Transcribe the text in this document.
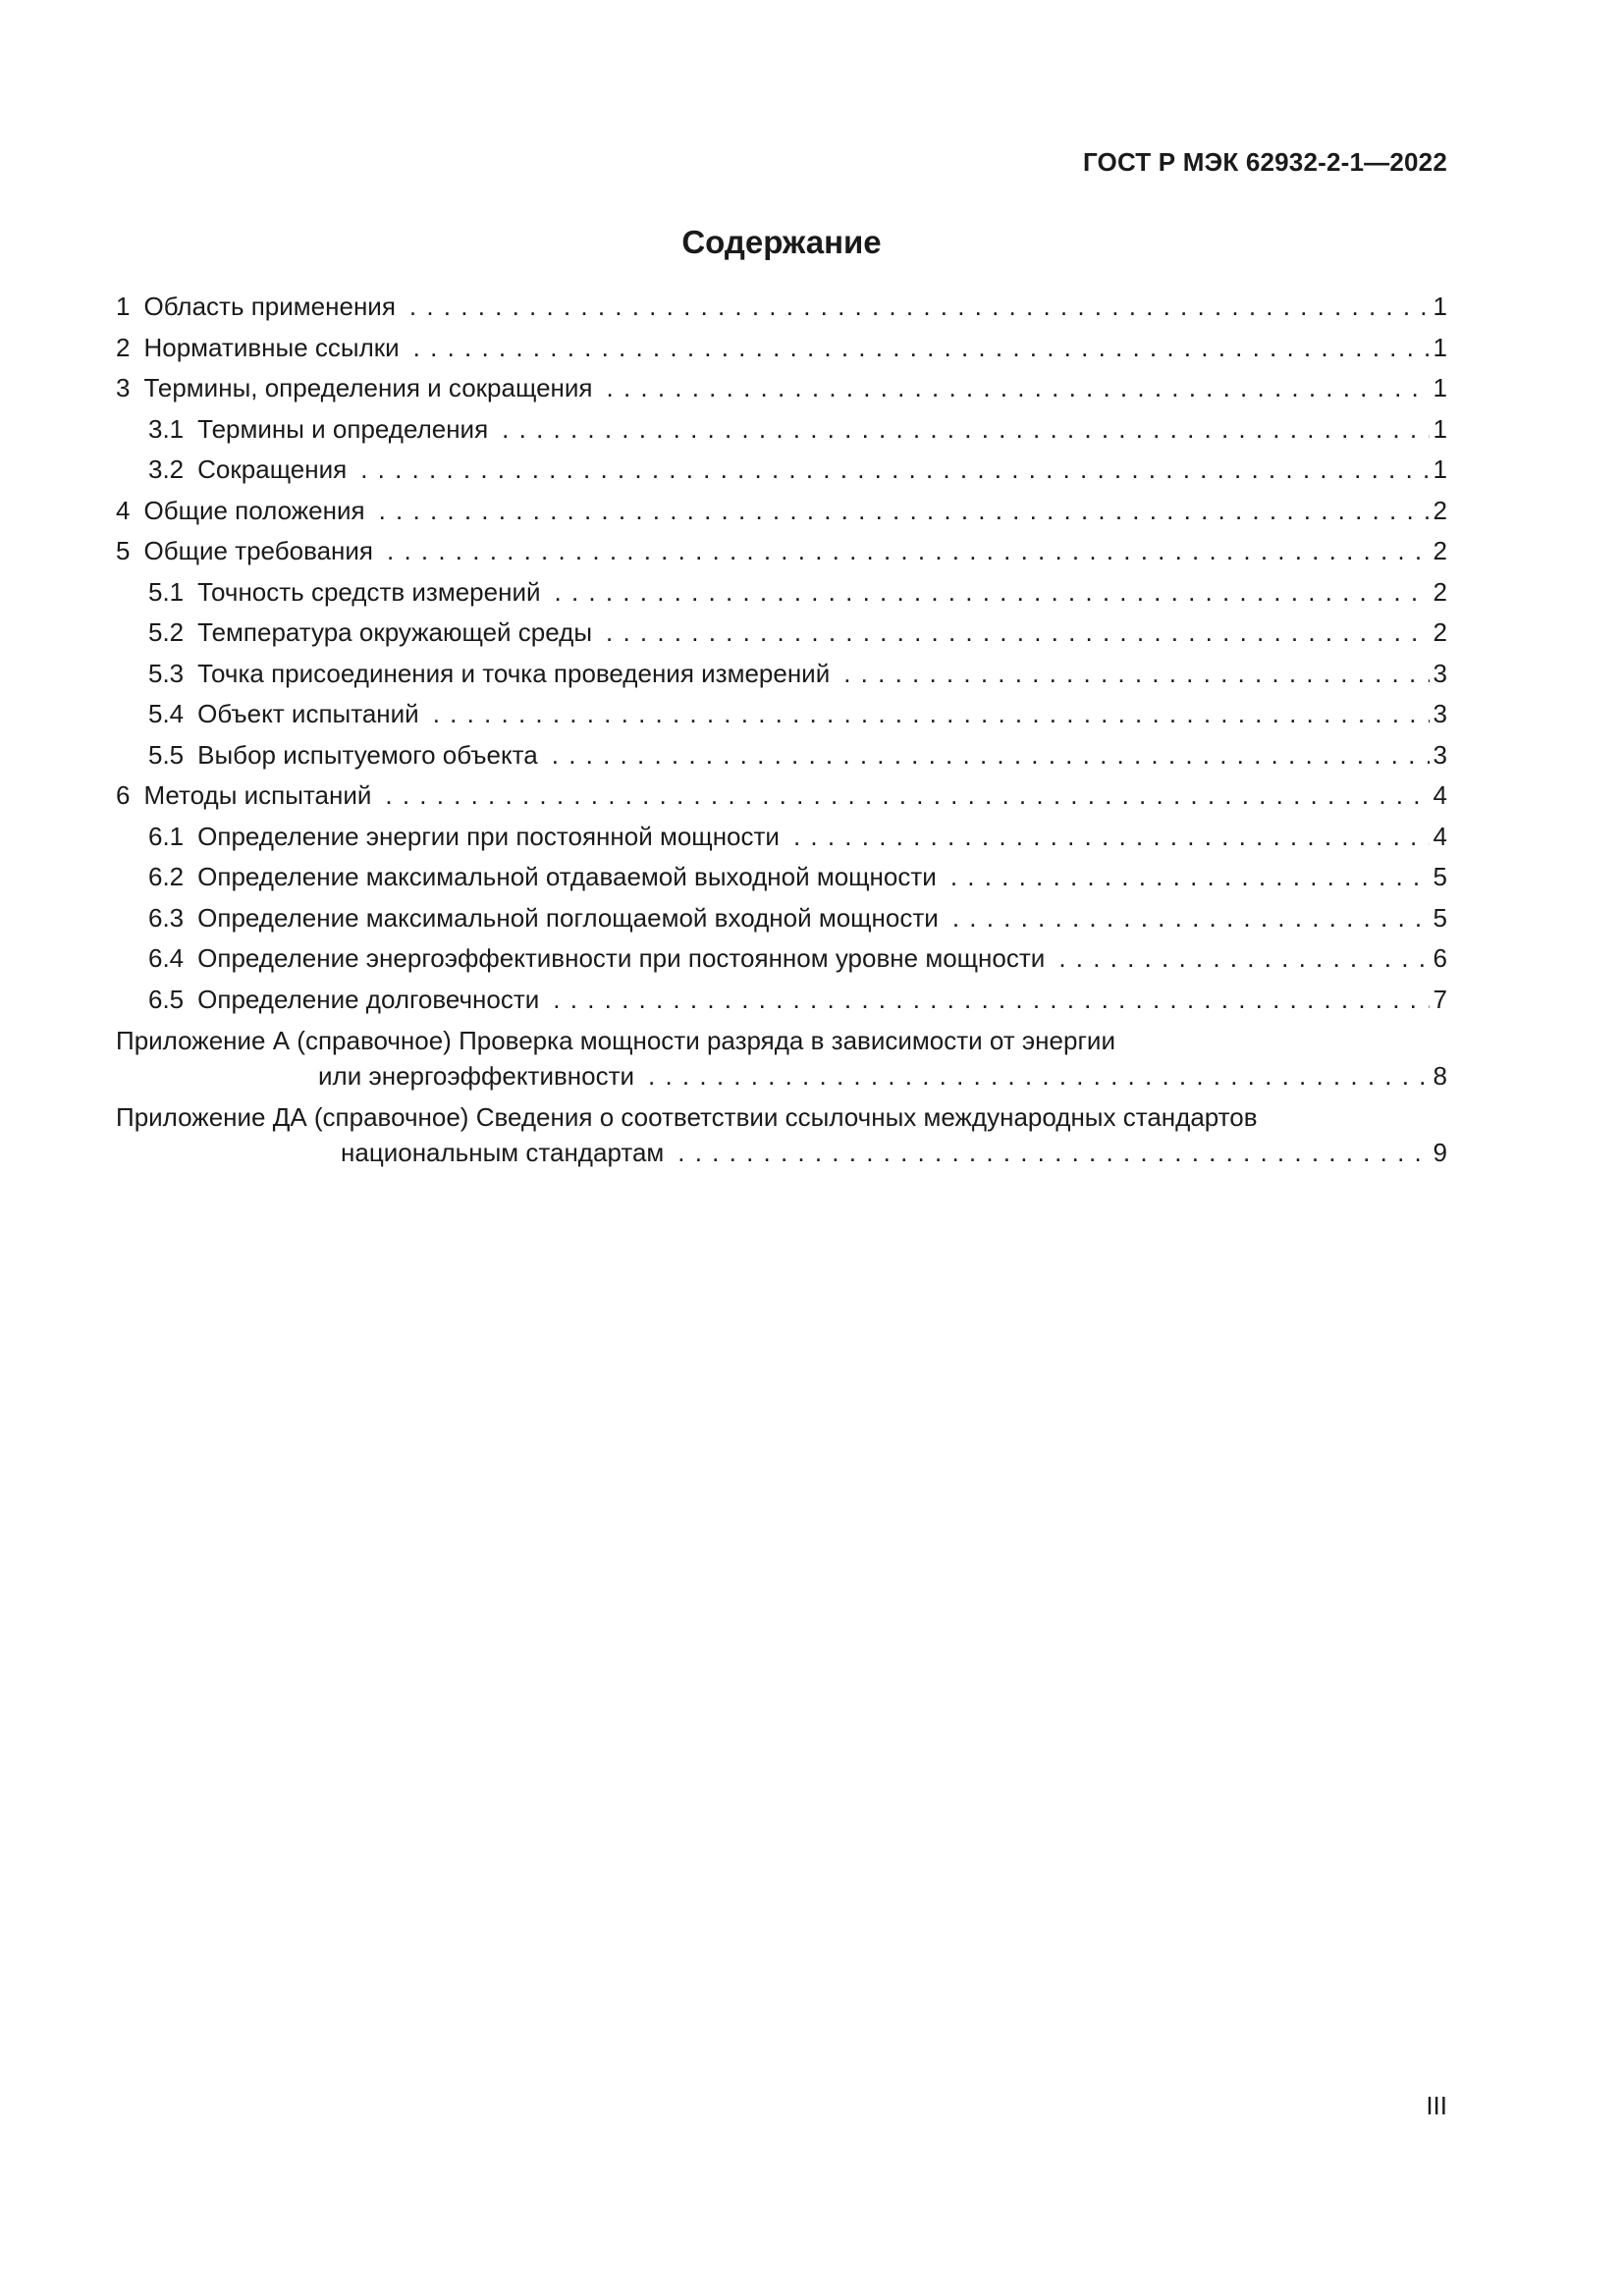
ГОСТ Р МЭК 62932-2-1—2022
Содержание
1 Область применения . . .	1
2 Нормативные ссылки . . .	1
3 Термины, определения и сокращения . . .	1
3.1 Термины и определения . . .	1
3.2 Сокращения . . .	1
4 Общие положения . . .	2
5 Общие требования . . .	2
5.1 Точность средств измерений . . .	2
5.2 Температура окружающей среды . . .	2
5.3 Точка присоединения и точка проведения измерений . . .	3
5.4 Объект испытаний . . .	3
5.5 Выбор испытуемого объекта . . .	3
6 Методы испытаний . . .	4
6.1 Определение энергии при постоянной мощности . . .	4
6.2 Определение максимальной отдаваемой выходной мощности . . .	5
6.3 Определение максимальной поглощаемой входной мощности . . .	5
6.4 Определение энергоэффективности при постоянном уровне мощности . . .	6
6.5 Определение долговечности . . .	7
Приложение А (справочное) Проверка мощности разряда в зависимости от энергии
или энергоэффективности . . .	8
Приложение ДА (справочное) Сведения о соответствии ссылочных международных стандартов
национальным стандартам . . .	9
III
